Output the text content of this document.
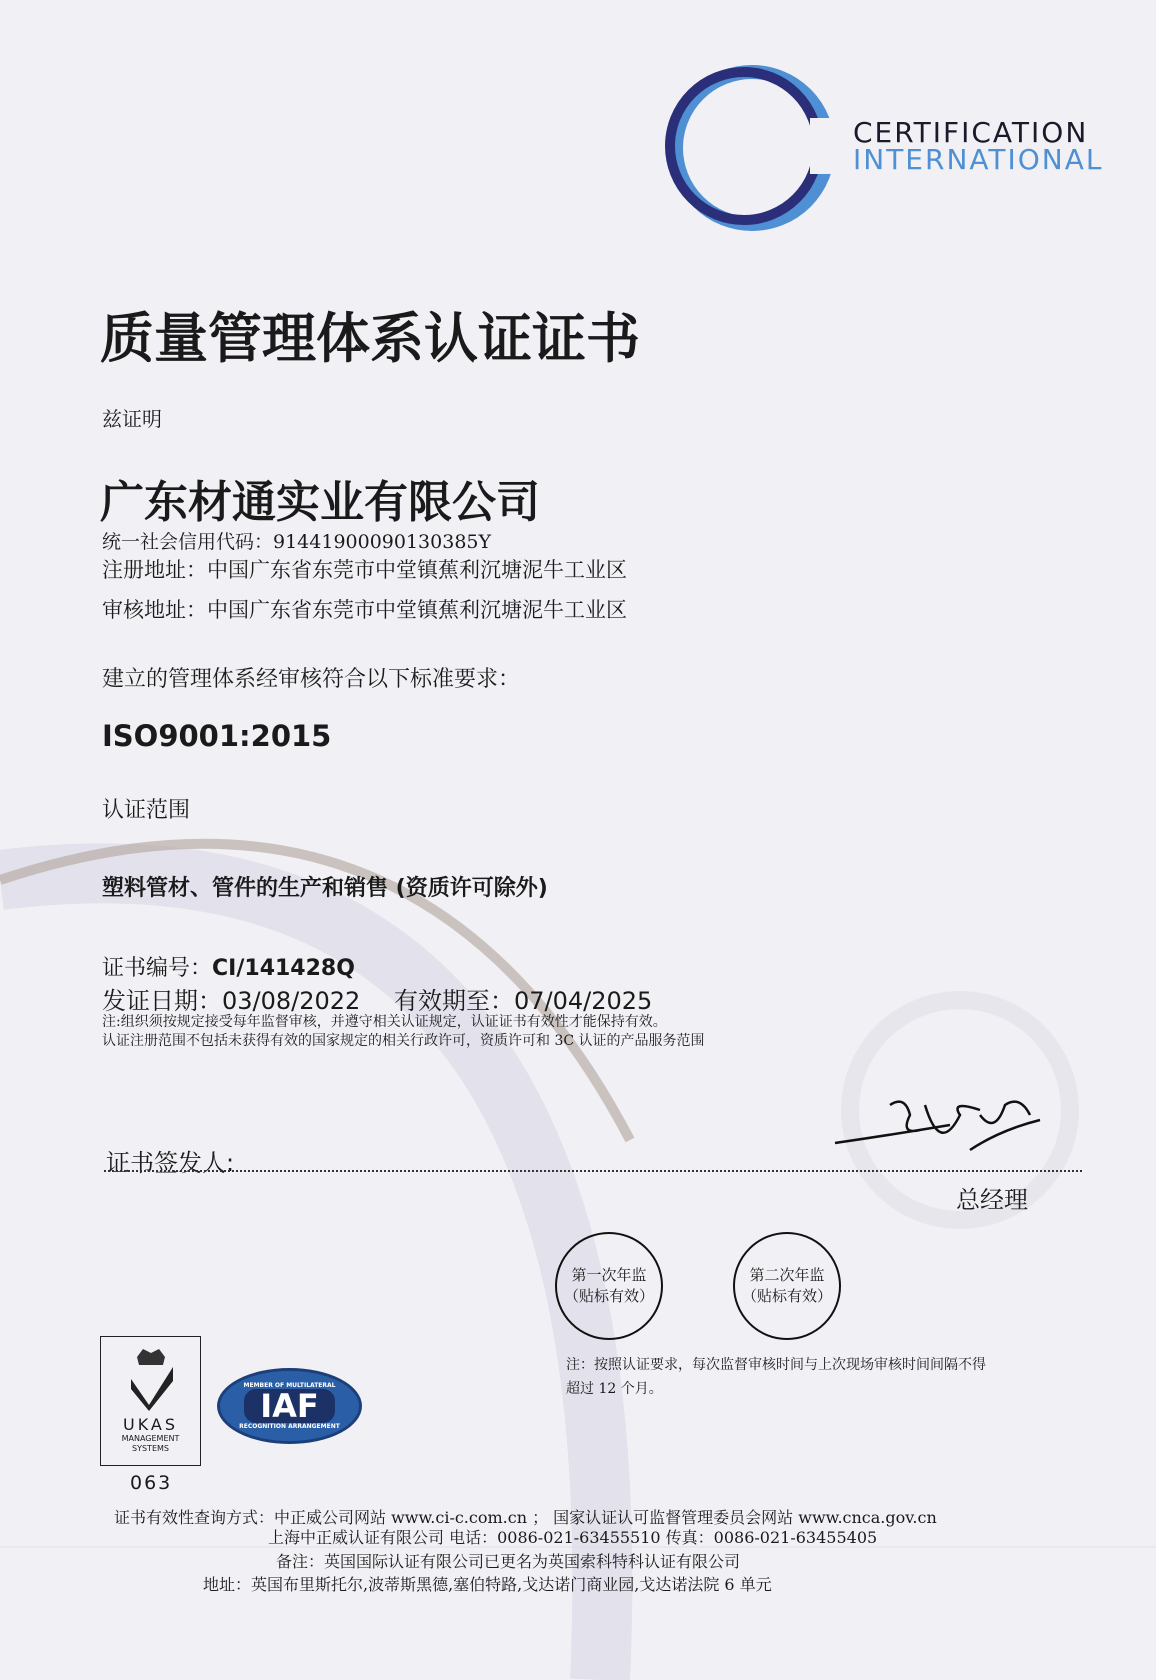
CERTIFICATION
INTERNATIONAL
质量管理体系认证证书
兹证明
广东材通实业有限公司
统一社会信用代码：91441900090130385Y
注册地址：中国广东省东莞市中堂镇蕉利沉塘泥牛工业区
审核地址：中国广东省东莞市中堂镇蕉利沉塘泥牛工业区
建立的管理体系经审核符合以下标准要求：
ISO9001:2015
认证范围
塑料管材、管件的生产和销售 (资质许可除外)
证书编号：CI/141428Q
发证日期：03/08/2022 有效期至：07/04/2025
注:组织须按规定接受每年监督审核，并遵守相关认证规定，认证证书有效性才能保持有效。
认证注册范围不包括未获得有效的国家规定的相关行政许可，资质许可和 3C 认证的产品服务范围
证书签发人:
总经理
第一次年监
（贴标有效）
第二次年监
（贴标有效）
注：按照认证要求，每次监督审核时间与上次现场审核时间间隔不得
超过 12 个月。
UKAS
MANAGEMENT
SYSTEMS
063
MEMBER OF MULTILATERAL
IAF
RECOGNITION ARRANGEMENT
证书有效性查询方式：中正威公司网站 www.ci-c.com.cn ； 国家认证认可监督管理委员会网站 www.cnca.gov.cn
上海中正威认证有限公司 电话：0086-021-63455510 传真：0086-021-63455405
备注：英国国际认证有限公司已更名为英国索科特科认证有限公司
地址：英国布里斯托尔,波蒂斯黑德,塞伯特路,戈达诺门商业园,戈达诺法院 6 单元
